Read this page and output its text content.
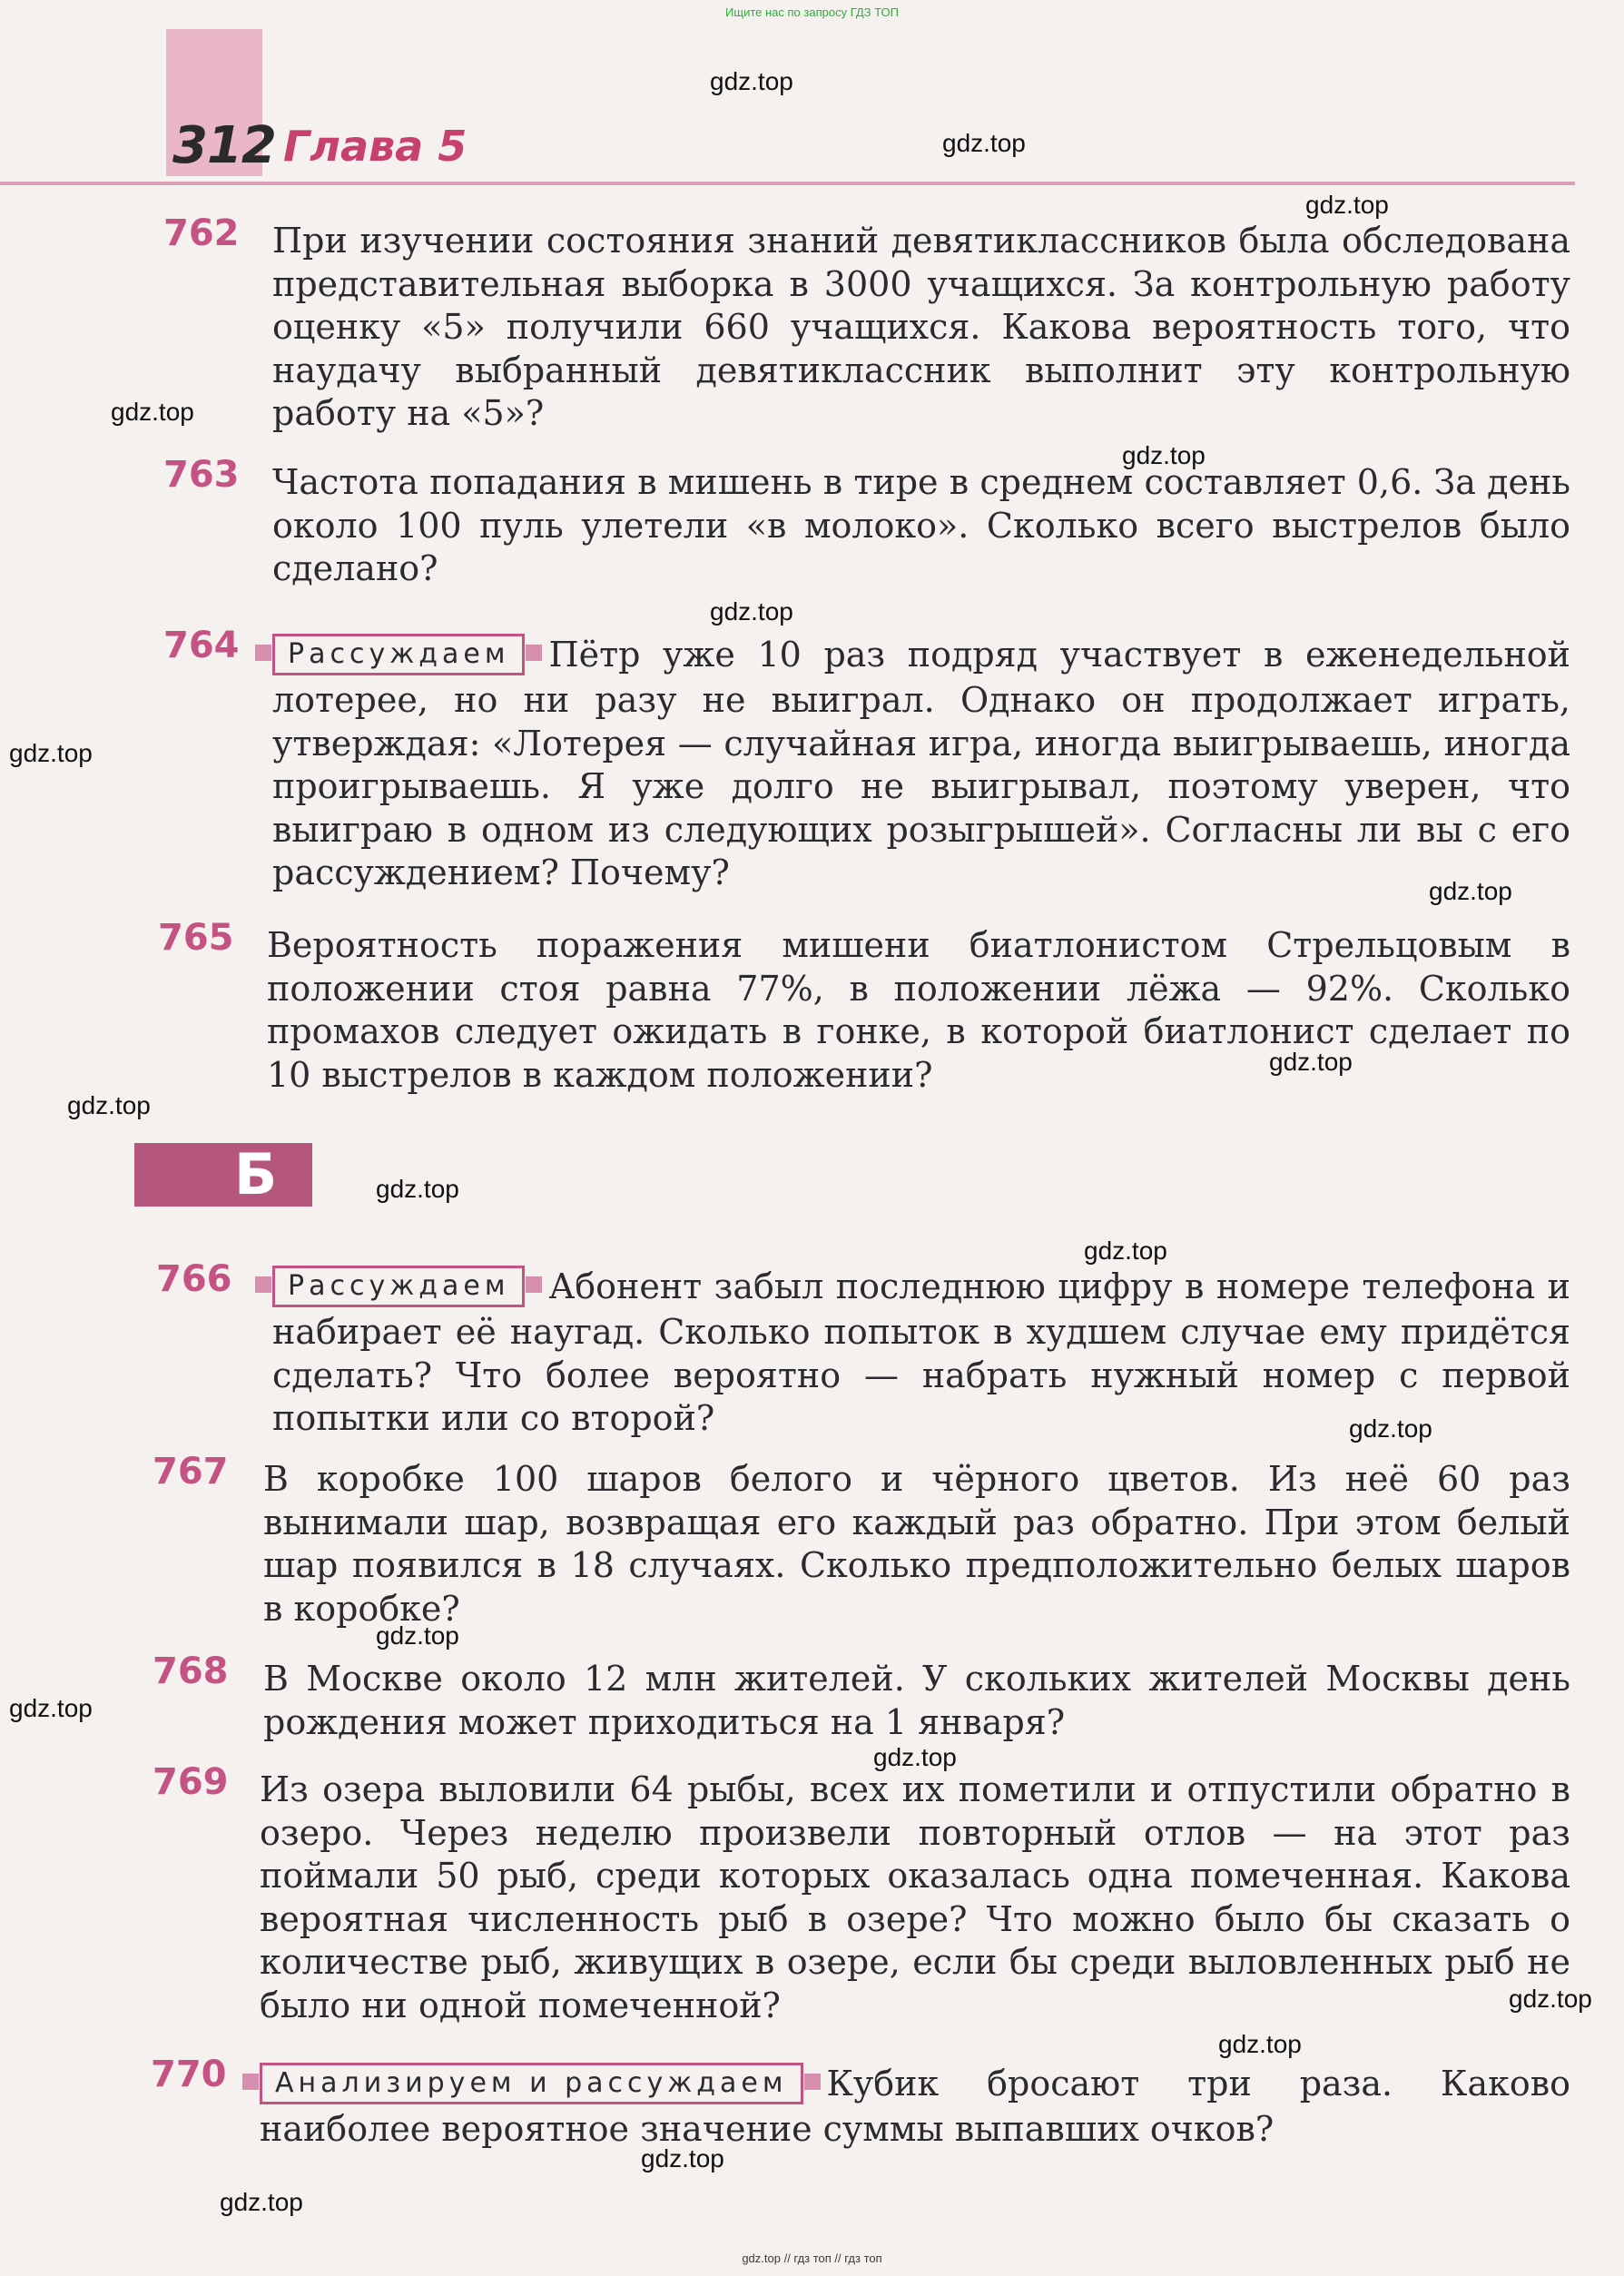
Ищите нас по запросу ГДЗ ТОП
312 Глава 5
762 При изучении состояния знаний девятиклассников была обследована представительная выборка в 3000 учащихся. За контрольную работу оценку «5» получили 660 учащихся. Какова вероятность того, что наудачу выбранный девятиклассник выполнит эту контрольную работу на «5»?
763 Частота попадания в мишень в тире в среднем составляет 0,6. За день около 100 пуль улетели «в молоко». Сколько всего выстрелов было сделано?
764	Рассуждаем Пётр уже 10 раз подряд участвует в еженедельной лотерее, но ни разу не выиграл. Однако он продолжает играть, утверждая: «Лотерея — случайная игра, иногда выигрываешь, иногда проигрываешь. Я уже долго не выигрывал, поэтому уверен, что выиграю в одном из следующих розыгрышей». Согласны ли вы с его рассуждением? Почему?
765 Вероятность поражения мишени биатлонистом Стрельцовым в положении стоя равна 77%, в положении лёжа — 92%. Сколько промахов следует ожидать в гонке, в которой биатлонист сделает по 10 выстрелов в каждом положении?
Б
766	Рассуждаем Абонент забыл последнюю цифру в номере телефона и набирает её наугад. Сколько попыток в худшем случае ему придётся сделать? Что более вероятно — набрать нужный номер с первой попытки или со второй?
767 В коробке 100 шаров белого и чёрного цветов. Из неё 60 раз вынимали шар, возвращая его каждый раз обратно. При этом белый шар появился в 18 случаях. Сколько предположительно белых шаров в коробке?
768 В Москве около 12 млн жителей. У скольких жителей Москвы день рождения может приходиться на 1 января?
769 Из озера выловили 64 рыбы, всех их пометили и отпустили обратно в озеро. Через неделю произвели повторный отлов — на этот раз поймали 50 рыб, среди которых оказалась одна помеченная. Какова вероятная численность рыб в озере? Что можно было бы сказать о количестве рыб, живущих в озере, если бы среди выловленных рыб не было ни одной помеченной?
770	Анализируем и рассуждаем Кубик бросают три раза. Каково наиболее вероятное значение суммы выпавших очков?
gdz.top
gdz.top
gdz.top
gdz.top
gdz.top
gdz.top
gdz.top
gdz.top
gdz.top
gdz.top
gdz.top
gdz.top
gdz.top
gdz.top
gdz.top
gdz.top
gdz.top
gdz.top
gdz.top
gdz.top
gdz.top // гдз топ // гдз топ
